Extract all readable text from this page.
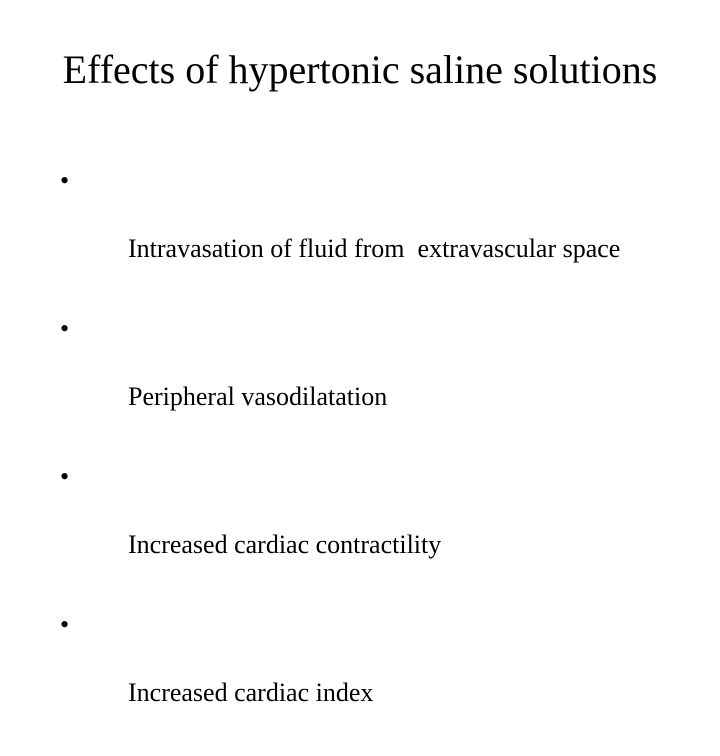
Effects of hypertonic saline solutions

•

Intravasation of fluid from  extravascular space

•

Peripheral vasodilatation

•

Increased cardiac contractility

•

Increased cardiac index
